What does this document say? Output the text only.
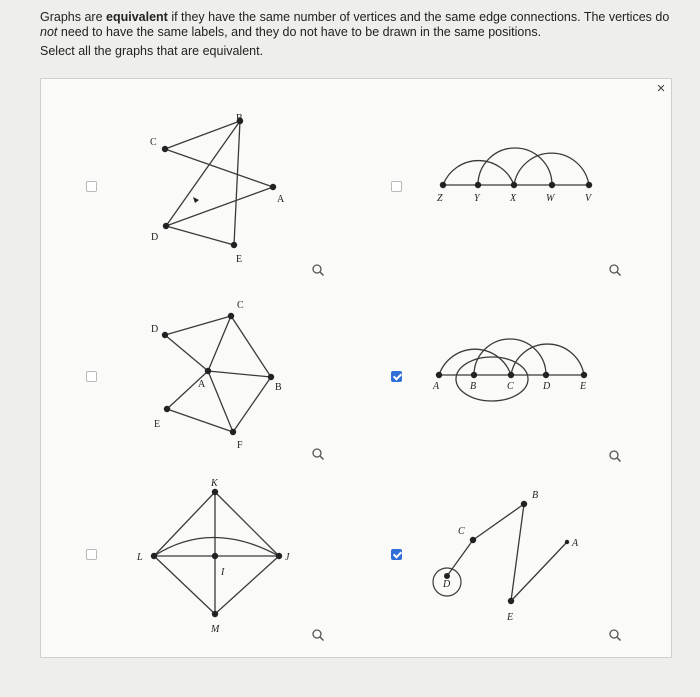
Graphs are equivalent if they have the same number of vertices and the same edge connections. The vertices do not need to have the same labels, and they do not have to be drawn in the same positions.

Select all the graphs that are equivalent.

×
B
C
A
D
E
Z	Y	X	W	V
C
D
A	B
E
F
A	B	C	D	E
K
L	J
I
M
B
C
A
D
E
